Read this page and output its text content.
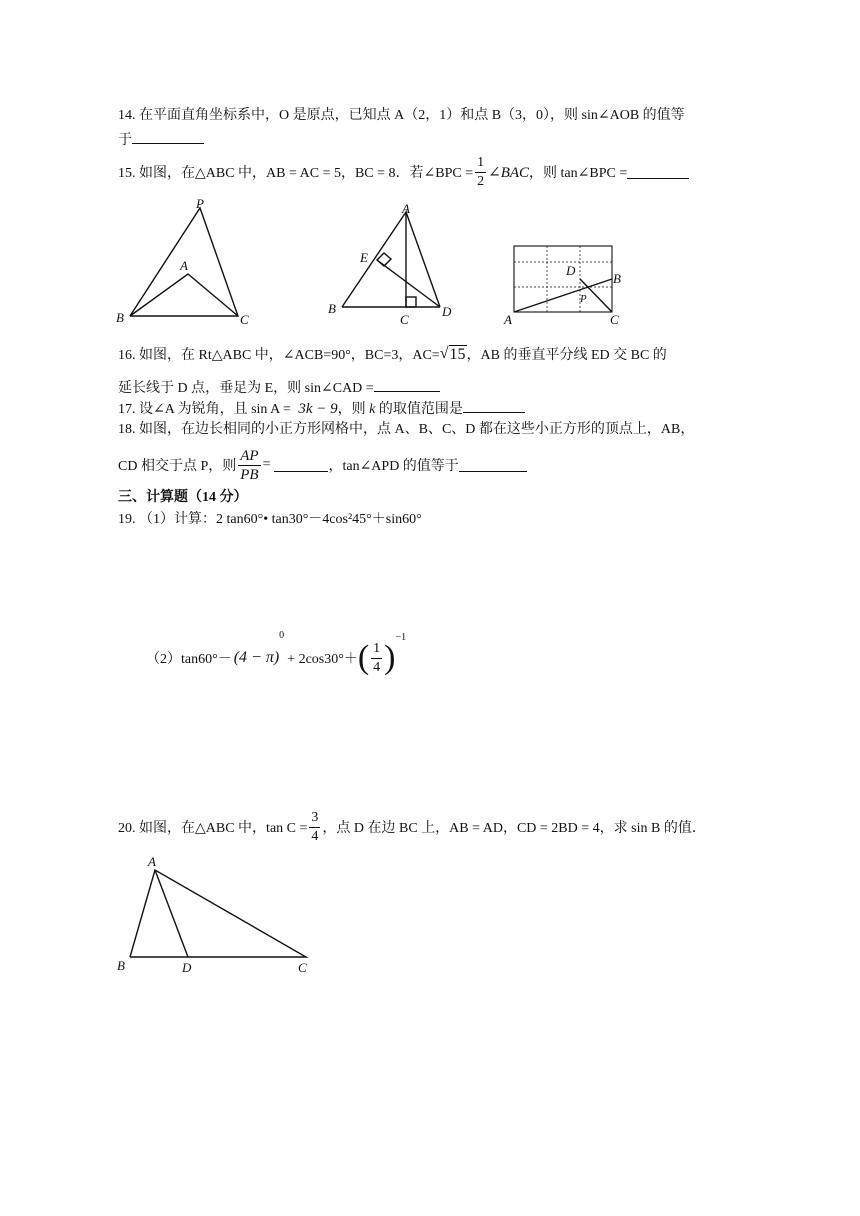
14. 在平面直角坐标系中，O 是原点，已知点 A（2，1）和点 B（3，0），则 sin∠AOB 的值等
于
15. 如图，在△ABC 中，AB = AC = 5，BC = 8．若∠BPC = $\frac{1}{2}$ ∠BAC ，则 tan∠BPC =
P
A
B	C
A
E
B
C
D
D
B
P
A	C
16. 如图，在 Rt△ABC 中，∠ACB=90°，BC=3，AC= √ 15 ，AB 的垂直平分线 ED 交 BC 的
延长线于 D 点，垂足为 E，则 sin∠CAD =
17. 设∠A 为锐角，且 sin A = 3k − 9，则 k 的取值范围是
18. 如图，在边长相同的小正方形网格中，点 A、B、C、D 都在这些小正方形的顶点上，AB，
CD 相交于点 P，则 $\frac{AP}{PB}$ =	，tan∠APD 的值等于
三、计算题（14 分）
19. （1）计算：2 tan60°• tan30°－4cos²45°＋sin60°
（2）tan60°－ (4 − π)
0
+ 2cos30°＋ ( $\frac{1}{4}$ )
−1
20. 如图，在△ABC 中，$\tan C = \frac{3}{4}$ ，点 D 在边 BC 上，AB = AD，CD = 2BD = 4，求 sin B 的值．
A
B	D	C
